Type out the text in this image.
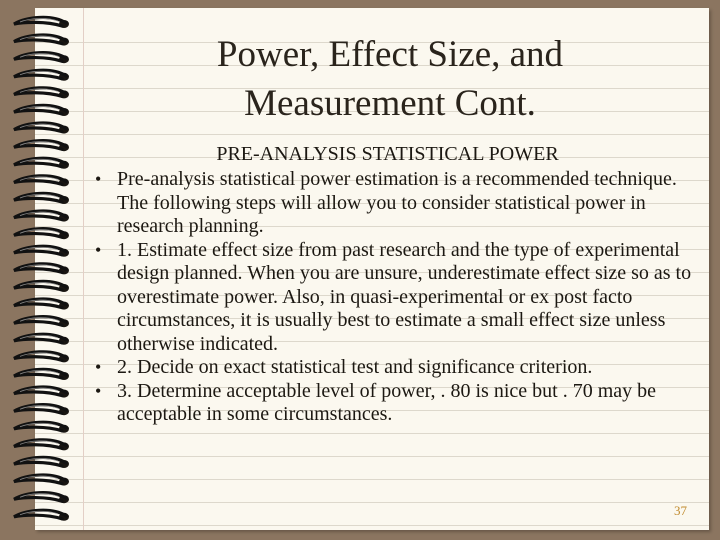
Power, Effect Size, and
Measurement Cont.
PRE-ANALYSIS STATISTICAL POWER
• Pre-analysis statistical power estimation is a recommended technique. The following steps will allow you to consider statistical power in research planning.
• 1. Estimate effect size from past research and the type of experimental design planned. When you are unsure, underestimate effect size so as to overestimate power. Also, in quasi-experimental or ex post facto circumstances, it is usually best to estimate a small effect size unless otherwise indicated.
• 2. Decide on exact statistical test and significance criterion.
• 3. Determine acceptable level of power, . 80 is nice but . 70 may be acceptable in some circumstances.
37
